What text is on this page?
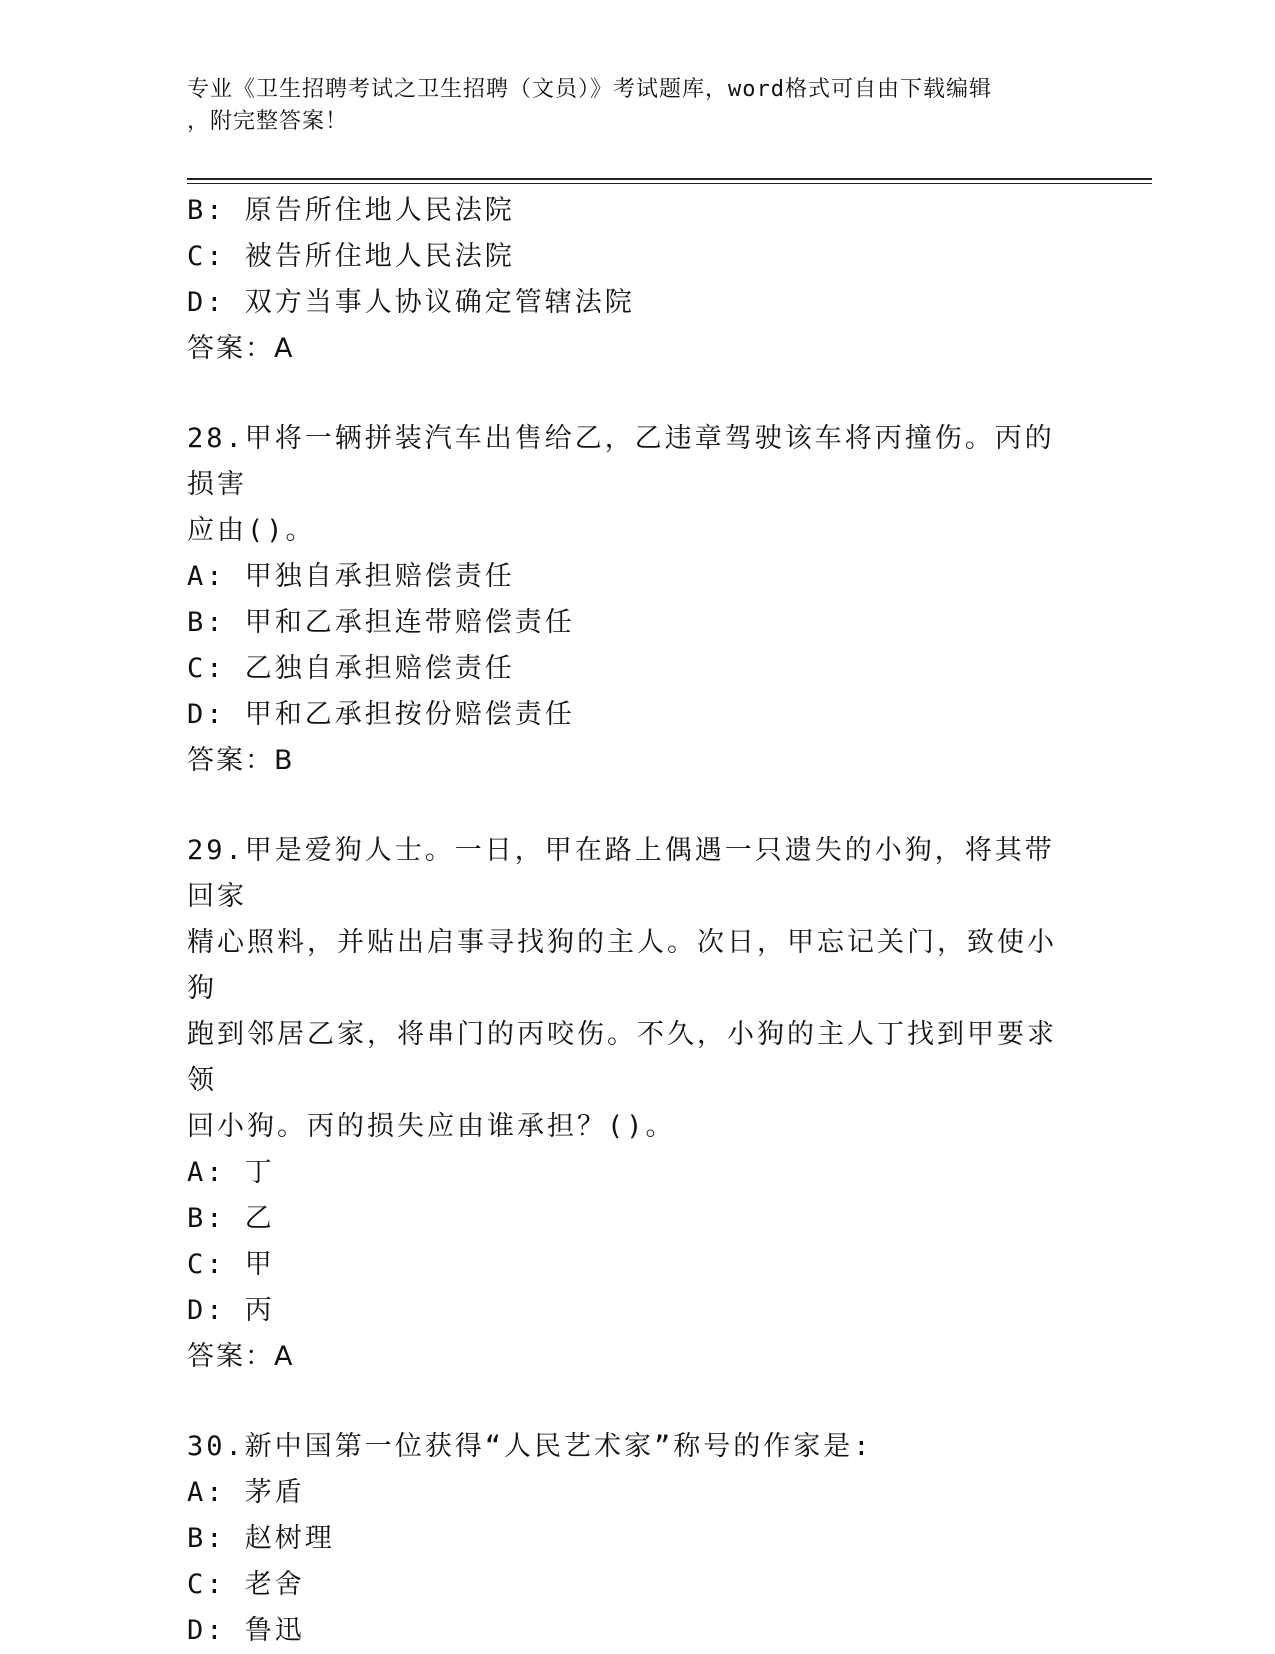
专业《卫生招聘考试之卫生招聘（文员）》考试题库，word格式可自由下载编辑
，附完整答案！
B: 原告所住地人民法院
C: 被告所住地人民法院
D: 双方当事人协议确定管辖法院
答案：A
28.甲将一辆拼装汽车出售给乙，乙违章驾驶该车将丙撞伤。丙的损害
应由()。
A: 甲独自承担赔偿责任
B: 甲和乙承担连带赔偿责任
C: 乙独自承担赔偿责任
D: 甲和乙承担按份赔偿责任
答案：B
29.甲是爱狗人士。一日，甲在路上偶遇一只遗失的小狗，将其带回家
精心照料，并贴出启事寻找狗的主人。次日，甲忘记关门，致使小狗
跑到邻居乙家，将串门的丙咬伤。不久，小狗的主人丁找到甲要求领
回小狗。丙的损失应由谁承担？()。
A: 丁
B: 乙
C: 甲
D: 丙
答案：A
30.新中国第一位获得“人民艺术家”称号的作家是:
A: 茅盾
B: 赵树理
C: 老舍
D: 鲁迅
